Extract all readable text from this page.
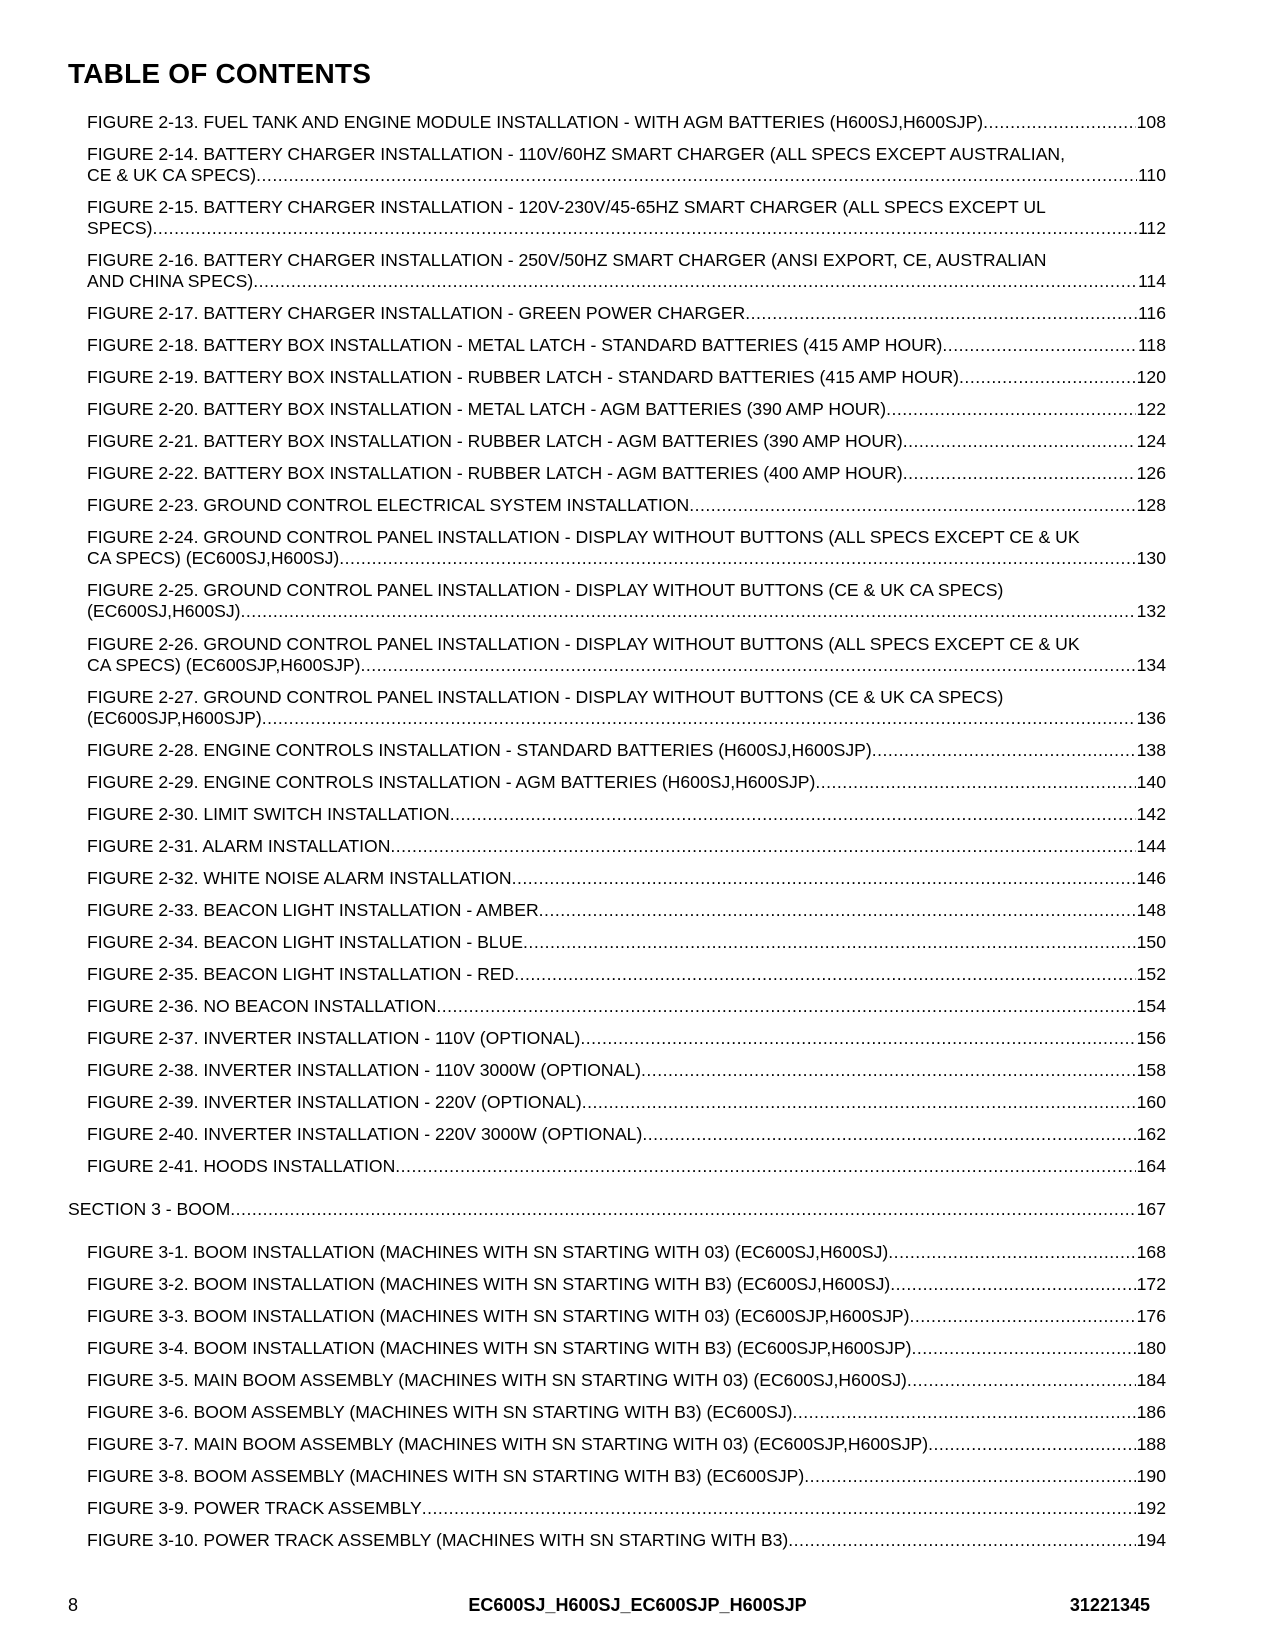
TABLE OF CONTENTS
FIGURE 2-13. FUEL TANK AND ENGINE MODULE INSTALLATION - WITH AGM BATTERIES (H600SJ,H600SJP) .....	108
FIGURE 2-14. BATTERY CHARGER INSTALLATION - 110V/60HZ SMART CHARGER (ALL SPECS EXCEPT AUSTRALIAN,
CE & UK CA SPECS) .....	110
FIGURE 2-15. BATTERY CHARGER INSTALLATION - 120V-230V/45-65HZ SMART CHARGER (ALL SPECS EXCEPT UL
SPECS) .....	112
FIGURE 2-16. BATTERY CHARGER INSTALLATION - 250V/50HZ SMART CHARGER (ANSI EXPORT, CE, AUSTRALIAN
AND CHINA SPECS) .....	114
FIGURE 2-17. BATTERY CHARGER INSTALLATION - GREEN POWER CHARGER .....	116
FIGURE 2-18. BATTERY BOX INSTALLATION - METAL LATCH - STANDARD BATTERIES (415 AMP HOUR) .....	118
FIGURE 2-19. BATTERY BOX INSTALLATION - RUBBER LATCH - STANDARD BATTERIES (415 AMP HOUR) .....	120
FIGURE 2-20. BATTERY BOX INSTALLATION - METAL LATCH - AGM BATTERIES (390 AMP HOUR) .....	122
FIGURE 2-21. BATTERY BOX INSTALLATION - RUBBER LATCH - AGM BATTERIES (390 AMP HOUR) .....	124
FIGURE 2-22. BATTERY BOX INSTALLATION - RUBBER LATCH - AGM BATTERIES (400 AMP HOUR) .....	126
FIGURE 2-23. GROUND CONTROL ELECTRICAL SYSTEM INSTALLATION .....	128
FIGURE 2-24. GROUND CONTROL PANEL INSTALLATION - DISPLAY WITHOUT BUTTONS (ALL SPECS EXCEPT CE & UK
CA SPECS) (EC600SJ,H600SJ) .....	130
FIGURE 2-25. GROUND CONTROL PANEL INSTALLATION - DISPLAY WITHOUT BUTTONS (CE & UK CA SPECS)
(EC600SJ,H600SJ) .....	132
FIGURE 2-26. GROUND CONTROL PANEL INSTALLATION - DISPLAY WITHOUT BUTTONS (ALL SPECS EXCEPT CE & UK
CA SPECS) (EC600SJP,H600SJP) .....	134
FIGURE 2-27. GROUND CONTROL PANEL INSTALLATION - DISPLAY WITHOUT BUTTONS (CE & UK CA SPECS)
(EC600SJP,H600SJP) .....	136
FIGURE 2-28. ENGINE CONTROLS INSTALLATION - STANDARD BATTERIES (H600SJ,H600SJP) .....	138
FIGURE 2-29. ENGINE CONTROLS INSTALLATION - AGM BATTERIES (H600SJ,H600SJP) .....	140
FIGURE 2-30. LIMIT SWITCH INSTALLATION .....	142
FIGURE 2-31. ALARM INSTALLATION .....	144
FIGURE 2-32. WHITE NOISE ALARM INSTALLATION .....	146
FIGURE 2-33. BEACON LIGHT INSTALLATION - AMBER .....	148
FIGURE 2-34. BEACON LIGHT INSTALLATION - BLUE .....	150
FIGURE 2-35. BEACON LIGHT INSTALLATION - RED .....	152
FIGURE 2-36. NO BEACON INSTALLATION .....	154
FIGURE 2-37. INVERTER INSTALLATION - 110V (OPTIONAL) .....	156
FIGURE 2-38. INVERTER INSTALLATION - 110V 3000W (OPTIONAL) .....	158
FIGURE 2-39. INVERTER INSTALLATION - 220V (OPTIONAL) .....	160
FIGURE 2-40. INVERTER INSTALLATION - 220V 3000W (OPTIONAL) .....	162
FIGURE 2-41. HOODS INSTALLATION .....	164
SECTION 3 - BOOM .....	167
FIGURE 3-1. BOOM INSTALLATION (MACHINES WITH SN STARTING WITH 03) (EC600SJ,H600SJ) .....	168
FIGURE 3-2. BOOM INSTALLATION (MACHINES WITH SN STARTING WITH B3) (EC600SJ,H600SJ) .....	172
FIGURE 3-3. BOOM INSTALLATION (MACHINES WITH SN STARTING WITH 03) (EC600SJP,H600SJP) .....	176
FIGURE 3-4. BOOM INSTALLATION (MACHINES WITH SN STARTING WITH B3) (EC600SJP,H600SJP) .....	180
FIGURE 3-5. MAIN BOOM ASSEMBLY (MACHINES WITH SN STARTING WITH 03) (EC600SJ,H600SJ) .....	184
FIGURE 3-6. BOOM ASSEMBLY (MACHINES WITH SN STARTING WITH B3) (EC600SJ) .....	186
FIGURE 3-7. MAIN BOOM ASSEMBLY (MACHINES WITH SN STARTING WITH 03) (EC600SJP,H600SJP) .....	188
FIGURE 3-8. BOOM ASSEMBLY (MACHINES WITH SN STARTING WITH B3) (EC600SJP) .....	190
FIGURE 3-9. POWER TRACK ASSEMBLY .....	192
FIGURE 3-10. POWER TRACK ASSEMBLY (MACHINES WITH SN STARTING WITH B3) .....	194
8	EC600SJ_H600SJ_EC600SJP_H600SJP	31221345
